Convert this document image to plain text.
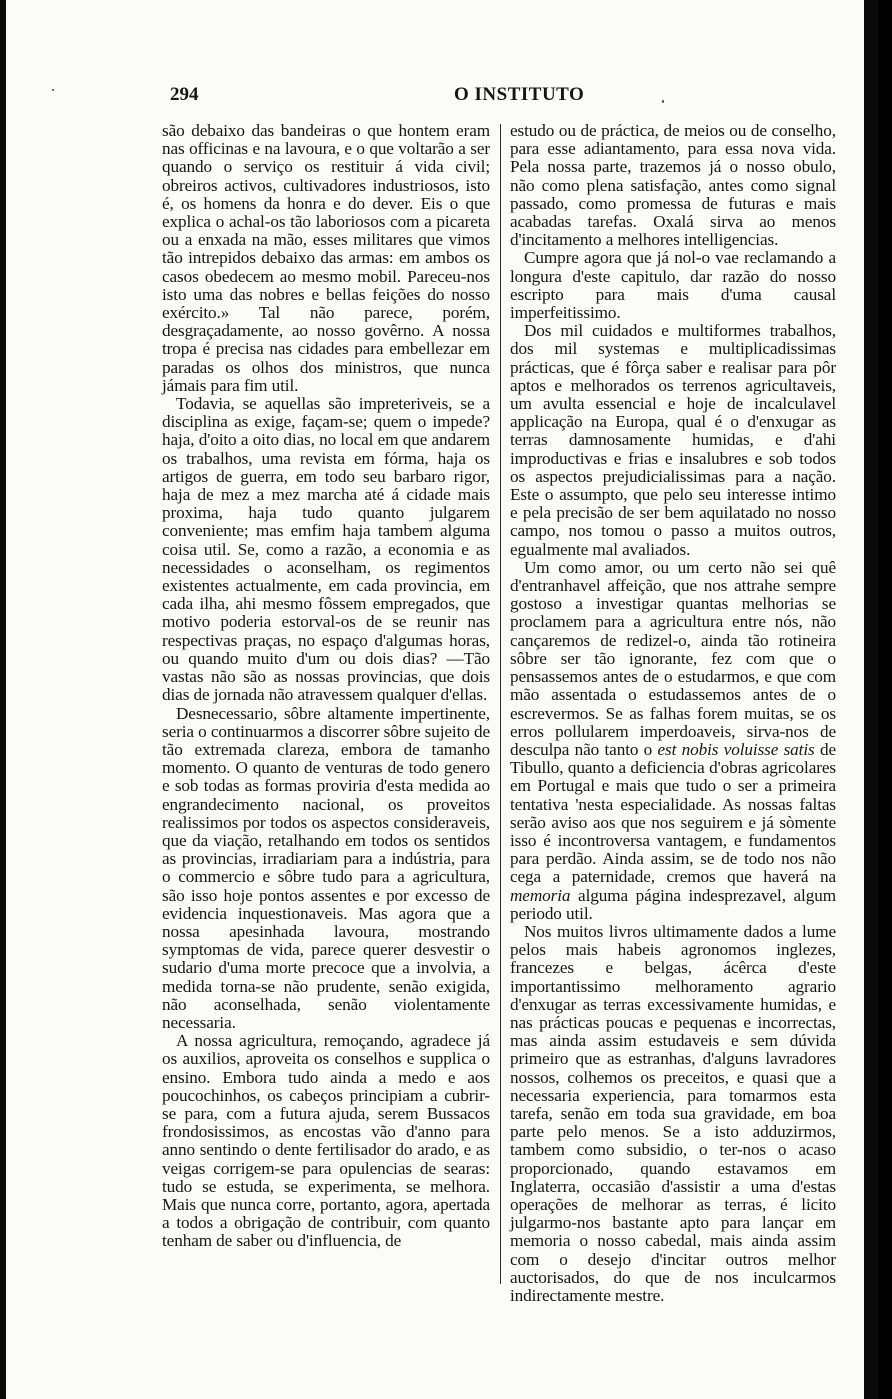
294	O INSTITUTO

são debaixo das bandeiras o que hontem eram nas officinas e na lavoura, e o que voltarão a ser quando o serviço os restituir á vida civil; obreiros activos, cultivadores industriosos, isto é, os homens da honra e do dever. Eis o que explica o achal-os tão laboriosos com a picareta ou a enxada na mão, esses militares que vimos tão intrepidos debaixo das armas: em ambos os casos obedecem ao mesmo mobil. Pareceu-nos isto uma das nobres e bellas feições do nosso exército.» Tal não parece, porém, desgraçadamente, ao nosso govêrno. A nossa tropa é precisa nas cidades para embellezar em paradas os olhos dos ministros, que nunca jámais para fim util.

Todavia, se aquellas são impreteriveis, se a disciplina as exige, façam-se; quem o impede? haja, d'oito a oito dias, no local em que andarem os trabalhos, uma revista em fórma, haja os artigos de guerra, em todo seu barbaro rigor, haja de mez a mez marcha até á cidade mais proxima, haja tudo quanto julgarem conveniente; mas emfim haja tambem alguma coisa util. Se, como a razão, a economia e as necessidades o aconselham, os regimentos existentes actualmente, em cada provincia, em cada ilha, ahi mesmo fôssem empregados, que motivo poderia estorval-os de se reunir nas respectivas praças, no espaço d'algumas horas, ou quando muito d'um ou dois dias? —Tão vastas não são as nossas provincias, que dois dias de jornada não atravessem qualquer d'ellas.

Desnecessario, sôbre altamente impertinente, seria o continuarmos a discorrer sôbre sujeito de tão extremada clareza, embora de tamanho momento. O quanto de venturas de todo genero e sob todas as formas proviria d'esta medida ao engrandecimento nacional, os proveitos realissimos por todos os aspectos consideraveis, que da viação, retalhando em todos os sentidos as provincias, irradiariam para a indústria, para o commercio e sôbre tudo para a agricultura, são isso hoje pontos assentes e por excesso de evidencia inquestionaveis. Mas agora que a nossa apesinhada lavoura, mostrando symptomas de vida, parece querer desvestir o sudario d'uma morte precoce que a involvia, a medida torna-se não prudente, senão exigida, não aconselhada, senão violentamente necessaria.

A nossa agricultura, remoçando, agradece já os auxilios, aproveita os conselhos e supplica o ensino. Embora tudo ainda a medo e aos poucochinhos, os cabeços principiam a cubrir-se para, com a futura ajuda, serem Bussacos frondosissimos, as encostas vão d'anno para anno sentindo o dente fertilisador do arado, e as veigas corrigem-se para opulencias de searas: tudo se estuda, se experimenta, se melhora. Mais que nunca corre, portanto, agora, apertada a todos a obrigação de contribuir, com quanto tenham de saber ou d'influencia, de

estudo ou de práctica, de meios ou de conselho, para esse adiantamento, para essa nova vida. Pela nossa parte, trazemos já o nosso obulo, não como plena satisfação, antes como signal passado, como promessa de futuras e mais acabadas tarefas. Oxalá sirva ao menos d'incitamento a melhores intelligencias.

Cumpre agora que já nol-o vae reclamando a longura d'este capitulo, dar razão do nosso escripto para mais d'uma causal imperfeitissimo.

Dos mil cuidados e multiformes trabalhos, dos mil systemas e multiplicadissimas prácticas, que é fôrça saber e realisar para pôr aptos e melhorados os terrenos agricultaveis, um avulta essencial e hoje de incalculavel applicação na Europa, qual é o d'enxugar as terras damnosamente humidas, e d'ahi improductivas e frias e insalubres e sob todos os aspectos prejudicialissimas para a nação. Este o assumpto, que pelo seu interesse intimo e pela precisão de ser bem aquilatado no nosso campo, nos tomou o passo a muitos outros, egualmente mal avaliados.

Um como amor, ou um certo não sei quê d'entranhavel affeição, que nos attrahe sempre gostoso a investigar quantas melhorias se proclamem para a agricultura entre nós, não cançaremos de redizel-o, ainda tão rotineira sôbre ser tão ignorante, fez com que o pensassemos antes de o estudarmos, e que com mão assentada o estudassemos antes de o escrevermos. Se as falhas forem muitas, se os erros pollularem imperdoaveis, sirva-nos de desculpa não tanto o est nobis voluisse satis de Tibullo, quanto a deficiencia d'obras agricolares em Portugal e mais que tudo o ser a primeira tentativa 'nesta especialidade. As nossas faltas serão aviso aos que nos seguirem e já sòmente isso é incontroversa vantagem, e fundamentos para perdão. Ainda assim, se de todo nos não cega a paternidade, cremos que haverá na memoria alguma página indesprezavel, algum periodo util.

Nos muitos livros ultimamente dados a lume pelos mais habeis agronomos inglezes, francezes e belgas, ácêrca d'este importantissimo melhoramento agrario d'enxugar as terras excessivamente humidas, e nas prácticas poucas e pequenas e incorrectas, mas ainda assim estudaveis e sem dúvida primeiro que as estranhas, d'alguns lavradores nossos, colhemos os preceitos, e quasi que a necessaria experiencia, para tomarmos esta tarefa, senão em toda sua gravidade, em boa parte pelo menos. Se a isto adduzirmos, tambem como subsidio, o ter-nos o acaso proporcionado, quando estavamos em Inglaterra, occasião d'assistir a uma d'estas operações de melhorar as terras, é licito julgarmo-nos bastante apto para lançar em memoria o nosso cabedal, mais ainda assim com o desejo d'incitar outros melhor auctorisados, do que de nos inculcarmos indirectamente mestre.
